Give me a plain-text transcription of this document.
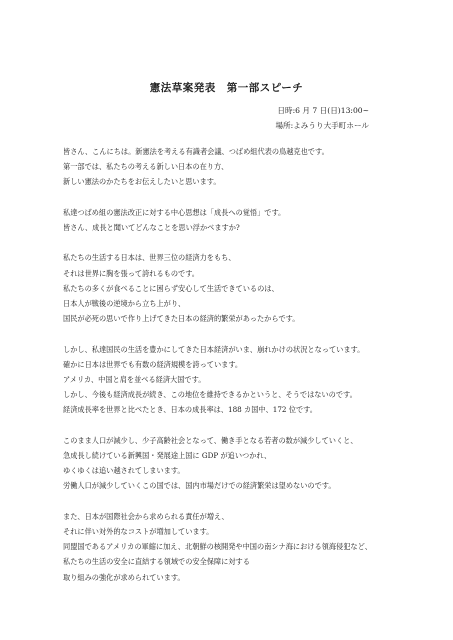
憲法草案発表　第一部スピーチ
日時:6 月 7 日(日)13:00~
場所:よみうり大手町ホール

皆さん、こんにちは。新憲法を考える有識者会議、つばめ組代表の鳥越克也です。
第一部では、私たちの考える新しい日本の在り方、
新しい憲法のかたちをお伝えしたいと思います。

私達つばめ組の憲法改正に対する中心思想は「成長への覚悟」です。
皆さん、成長と聞いてどんなことを思い浮かべますか?

私たちの生活する日本は、世界三位の経済力をもち、
それは世界に胸を張って誇れるものです。
私たちの多くが食べることに困らず安心して生活できているのは、
日本人が戦後の逆境から立ち上がり、
国民が必死の思いで作り上げてきた日本の経済的繁栄があったからです。

しかし、私達国民の生活を豊かにしてきた日本経済がいま、崩れかけの状況となっています。
確かに日本は世界でも有数の経済規模を誇っています。
アメリカ、中国と肩を並べる経済大国です。
しかし、今後も経済成長が続き、この地位を維持できるかというと、そうではないのです。
経済成長率を世界と比べたとき、日本の成長率は、188 カ国中、172 位です。

このまま人口が減少し、少子高齢社会となって、働き手となる若者の数が減少していくと、
急成長し続けている新興国・発展途上国に GDP が追いつかれ、
ゆくゆくは追い越されてしまいます。
労働人口が減少していくこの国では、国内市場だけでの経済繁栄は望めないのです。

また、日本が国際社会から求められる責任が増え、
それに伴い対外的なコストが増加しています。
同盟国であるアメリカの軍縮に加え、北朝鮮の核開発や中国の南シナ海における領海侵犯など、
私たちの生活の安全に直結する領域での安全保障に対する
取り組みの強化が求められています。
